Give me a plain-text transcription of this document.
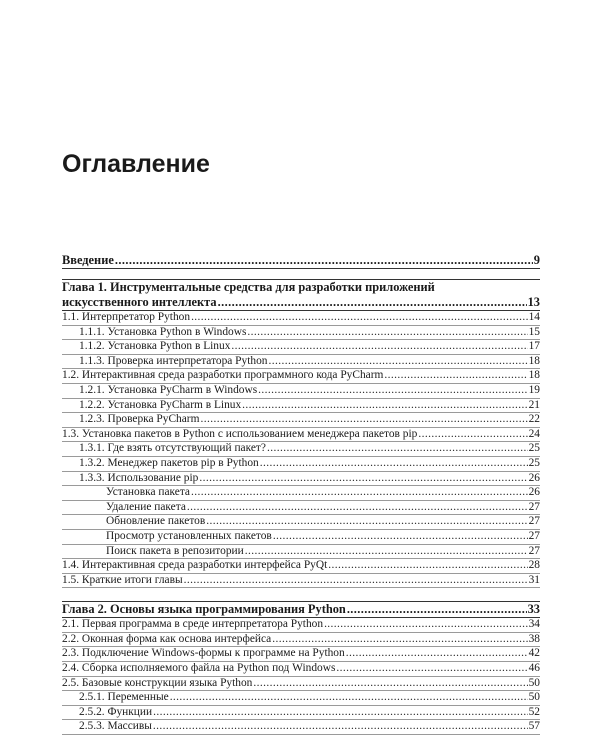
Оглавление
Введение .....	9
Глава 1. Инструментальные средства для разработки приложений
искусственного интеллекта .....	13
1.1. Интерпретатор Python .....	14
1.1.1. Установка Python в Windows .....	15
1.1.2. Установка Python в Linux .....	17
1.1.3. Проверка интерпретатора Python .....	18
1.2. Интерактивная среда разработки программного кода PyCharm .....	18
1.2.1. Установка PyCharm в Windows .....	19
1.2.2. Установка PyCharm в Linux .....	21
1.2.3. Проверка PyCharm .....	22
1.3. Установка пакетов в Python с использованием менеджера пакетов pip .....	24
1.3.1. Где взять отсутствующий пакет? .....	25
1.3.2. Менеджер пакетов pip в Python .....	25
1.3.3. Использование pip .....	26
Установка пакета .....	26
Удаление пакета .....	27
Обновление пакетов .....	27
Просмотр установленных пакетов .....	27
Поиск пакета в репозитории .....	27
1.4. Интерактивная среда разработки интерфейса PyQt .....	28
1.5. Краткие итоги главы .....	31
Глава 2. Основы языка программирования Python .....	33
2.1. Первая программа в среде интерпретатора Python .....	34
2.2. Оконная форма как основа интерфейса .....	38
2.3. Подключение Windows-формы к программе на Python .....	42
2.4. Сборка исполняемого файла на Python под Windows .....	46
2.5. Базовые конструкции языка Python .....	50
2.5.1. Переменные .....	50
2.5.2. Функции .....	52
2.5.3. Массивы .....	57
